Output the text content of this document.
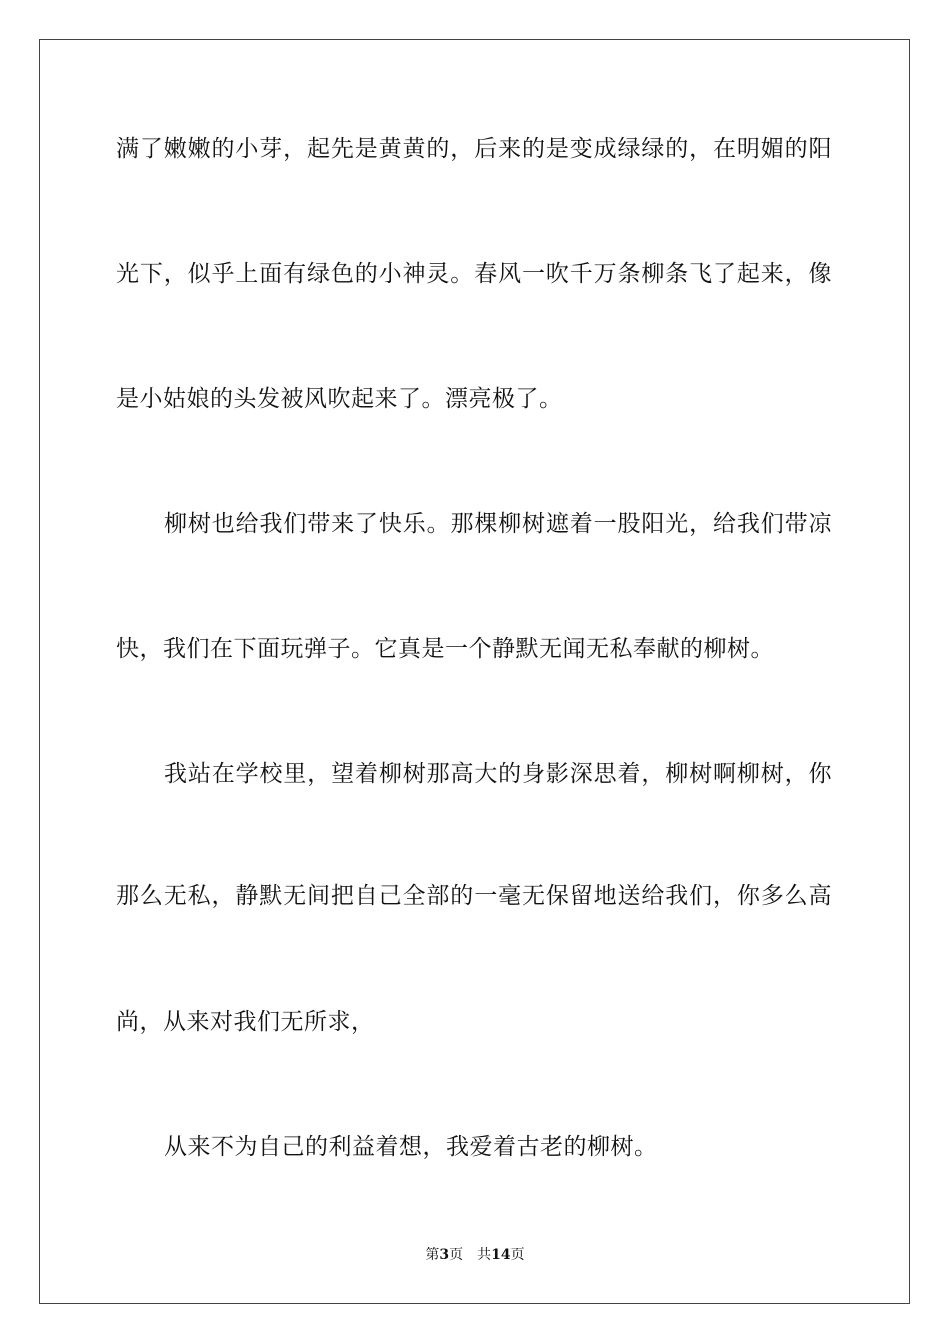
满了嫩嫩的小芽，起先是黄黄的，后来的是变成绿绿的，在明媚的阳
光下，似乎上面有绿色的小神灵。春风一吹千万条柳条飞了起来，像
是小姑娘的头发被风吹起来了。漂亮极了。
柳树也给我们带来了快乐。那棵柳树遮着一股阳光，给我们带凉
快，我们在下面玩弹子。它真是一个静默无闻无私奉献的柳树。
我站在学校里，望着柳树那高大的身影深思着，柳树啊柳树，你
那么无私，静默无间把自己全部的一毫无保留地送给我们，你多么高
尚，从来对我们无所求，
从来不为自己的利益着想，我爱着古老的柳树。
第3页 共14页
